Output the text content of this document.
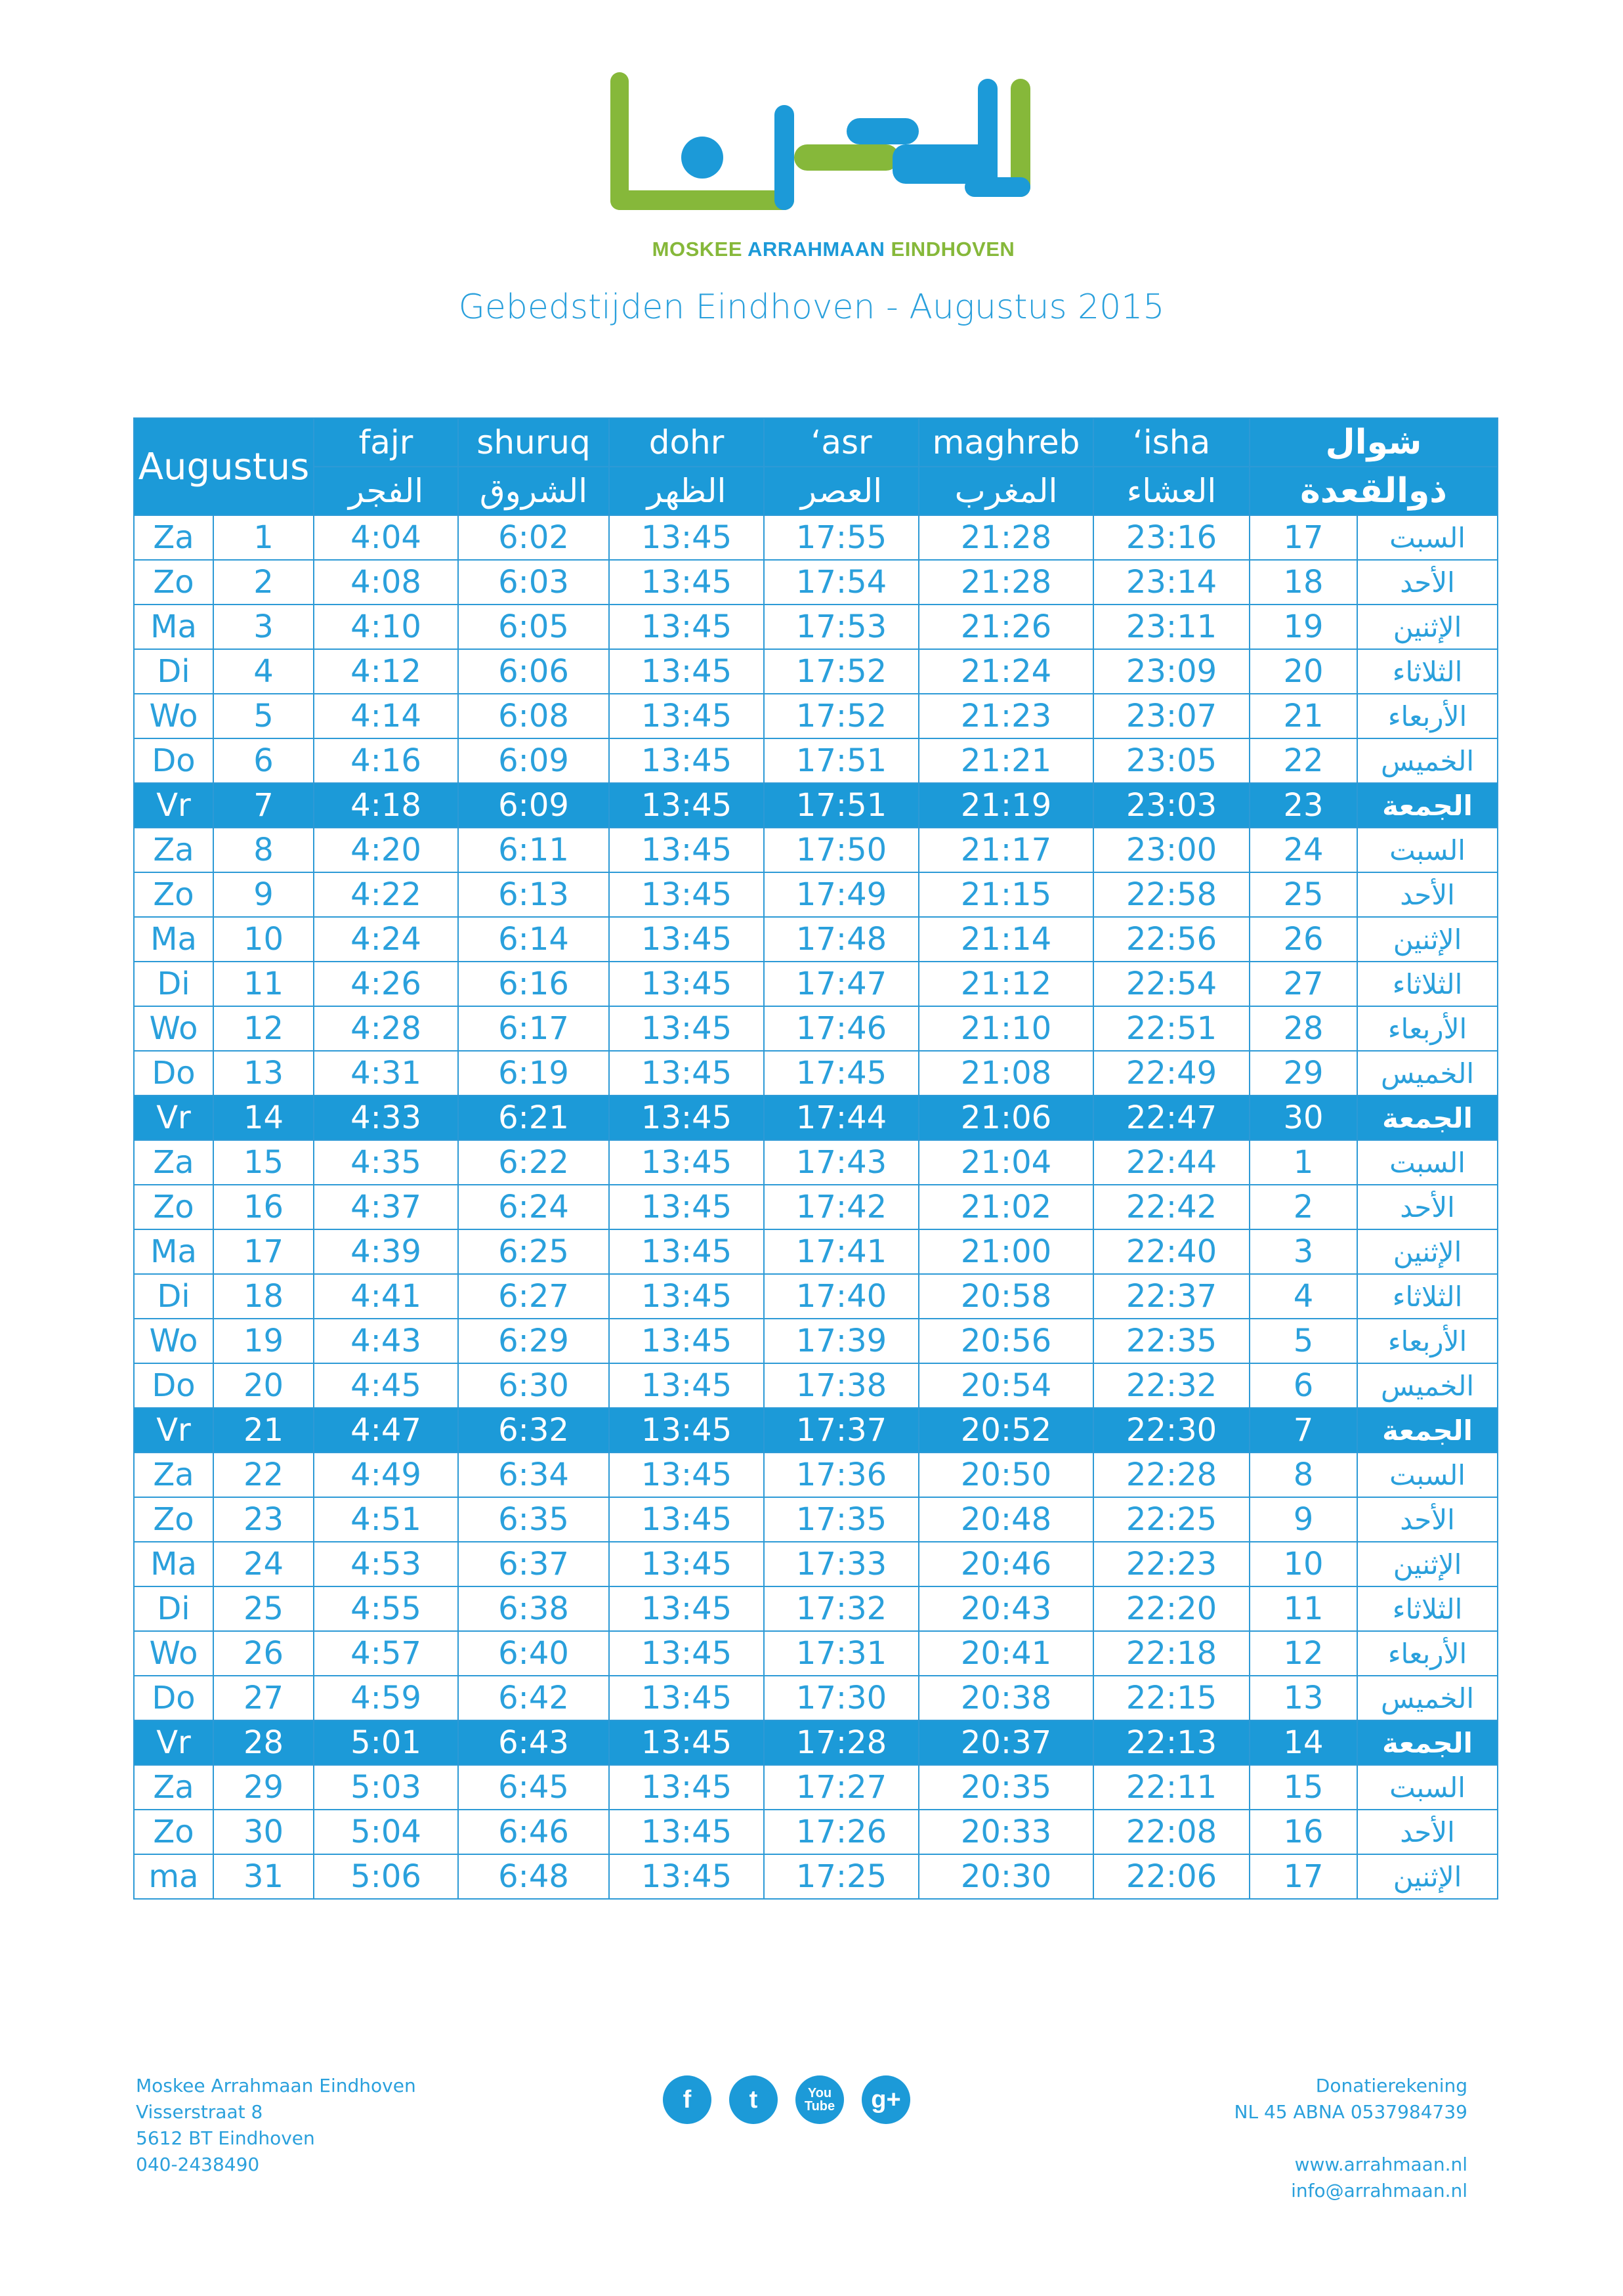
MOSKEE ARRAHMAAN EINDHOVEN
Gebedstijden Eindhoven - Augustus 2015
Augustus		fajr	shuruq	dohr	‘asr	maghreb	‘isha	شوال	
		الفجر	الشروق	الظهر	العصر	المغرب	العشاء	ذوالقعدة	
Za	1	4:04	6:02	13:45	17:55	21:28	23:16	17	السبت
Zo	2	4:08	6:03	13:45	17:54	21:28	23:14	18	الأحد
Ma	3	4:10	6:05	13:45	17:53	21:26	23:11	19	الإثنين
Di	4	4:12	6:06	13:45	17:52	21:24	23:09	20	الثلاثاء
Wo	5	4:14	6:08	13:45	17:52	21:23	23:07	21	الأربعاء
Do	6	4:16	6:09	13:45	17:51	21:21	23:05	22	الخميس
Vr	7	4:18	6:09	13:45	17:51	21:19	23:03	23	الجمعة
Za	8	4:20	6:11	13:45	17:50	21:17	23:00	24	السبت
Zo	9	4:22	6:13	13:45	17:49	21:15	22:58	25	الأحد
Ma	10	4:24	6:14	13:45	17:48	21:14	22:56	26	الإثنين
Di	11	4:26	6:16	13:45	17:47	21:12	22:54	27	الثلاثاء
Wo	12	4:28	6:17	13:45	17:46	21:10	22:51	28	الأربعاء
Do	13	4:31	6:19	13:45	17:45	21:08	22:49	29	الخميس
Vr	14	4:33	6:21	13:45	17:44	21:06	22:47	30	الجمعة
Za	15	4:35	6:22	13:45	17:43	21:04	22:44	1	السبت
Zo	16	4:37	6:24	13:45	17:42	21:02	22:42	2	الأحد
Ma	17	4:39	6:25	13:45	17:41	21:00	22:40	3	الإثنين
Di	18	4:41	6:27	13:45	17:40	20:58	22:37	4	الثلاثاء
Wo	19	4:43	6:29	13:45	17:39	20:56	22:35	5	الأربعاء
Do	20	4:45	6:30	13:45	17:38	20:54	22:32	6	الخميس
Vr	21	4:47	6:32	13:45	17:37	20:52	22:30	7	الجمعة
Za	22	4:49	6:34	13:45	17:36	20:50	22:28	8	السبت
Zo	23	4:51	6:35	13:45	17:35	20:48	22:25	9	الأحد
Ma	24	4:53	6:37	13:45	17:33	20:46	22:23	10	الإثنين
Di	25	4:55	6:38	13:45	17:32	20:43	22:20	11	الثلاثاء
Wo	26	4:57	6:40	13:45	17:31	20:41	22:18	12	الأربعاء
Do	27	4:59	6:42	13:45	17:30	20:38	22:15	13	الخميس
Vr	28	5:01	6:43	13:45	17:28	20:37	22:13	14	الجمعة
Za	29	5:03	6:45	13:45	17:27	20:35	22:11	15	السبت
Zo	30	5:04	6:46	13:45	17:26	20:33	22:08	16	الأحد
ma	31	5:06	6:48	13:45	17:25	20:30	22:06	17	الإثنين
Moskee Arrahmaan Eindhoven
Visserstraat 8
5612 BT Eindhoven
040-2438490
f	t	You
Tube	g+	Donatierekening
NL 45 ABNA 0537984739
www.arrahmaan.nl
info@arrahmaan.nl
